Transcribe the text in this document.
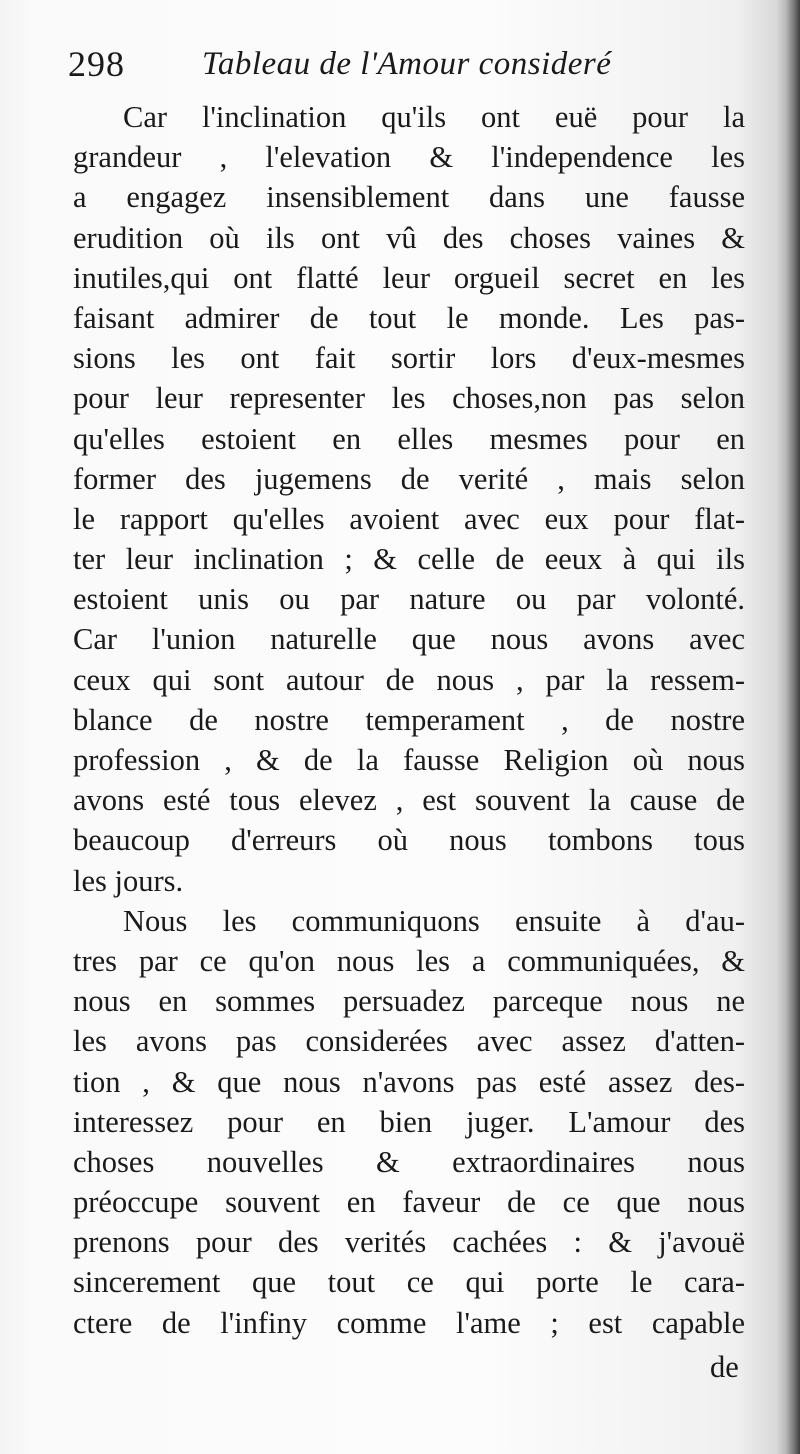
298 Tableau de l'Amour consideré
Car l'inclination qu'ils ont euë pour la
grandeur , l'elevation & l'independence les
a engagez insensiblement dans une fausse
erudition où ils ont vû des choses vaines &
inutiles,qui ont flatté leur orgueil secret en les
faisant admirer de tout le monde. Les pas-
sions les ont fait sortir lors d'eux-mesmes
pour leur representer les choses,non pas selon
qu'elles estoient en elles mesmes pour en
former des jugemens de verité , mais selon
le rapport qu'elles avoient avec eux pour flat-
ter leur inclination ; & celle de eeux à qui ils
estoient unis ou par nature ou par volonté.
Car l'union naturelle que nous avons avec
ceux qui sont autour de nous , par la ressem-
blance de nostre temperament , de nostre
profession , & de la fausse Religion où nous
avons esté tous elevez , est souvent la cause de
beaucoup d'erreurs où nous tombons tous
les jours.
Nous les communiquons ensuite à d'au-
tres par ce qu'on nous les a communiquées, &
nous en sommes persuadez parceque nous ne
les avons pas considerées avec assez d'atten-
tion , & que nous n'avons pas esté assez des-
interessez pour en bien juger. L'amour des
choses nouvelles & extraordinaires nous
préoccupe souvent en faveur de ce que nous
prenons pour des verités cachées : & j'avouë
sincerement que tout ce qui porte le cara-
ctere de l'infiny comme l'ame ; est capable
de
